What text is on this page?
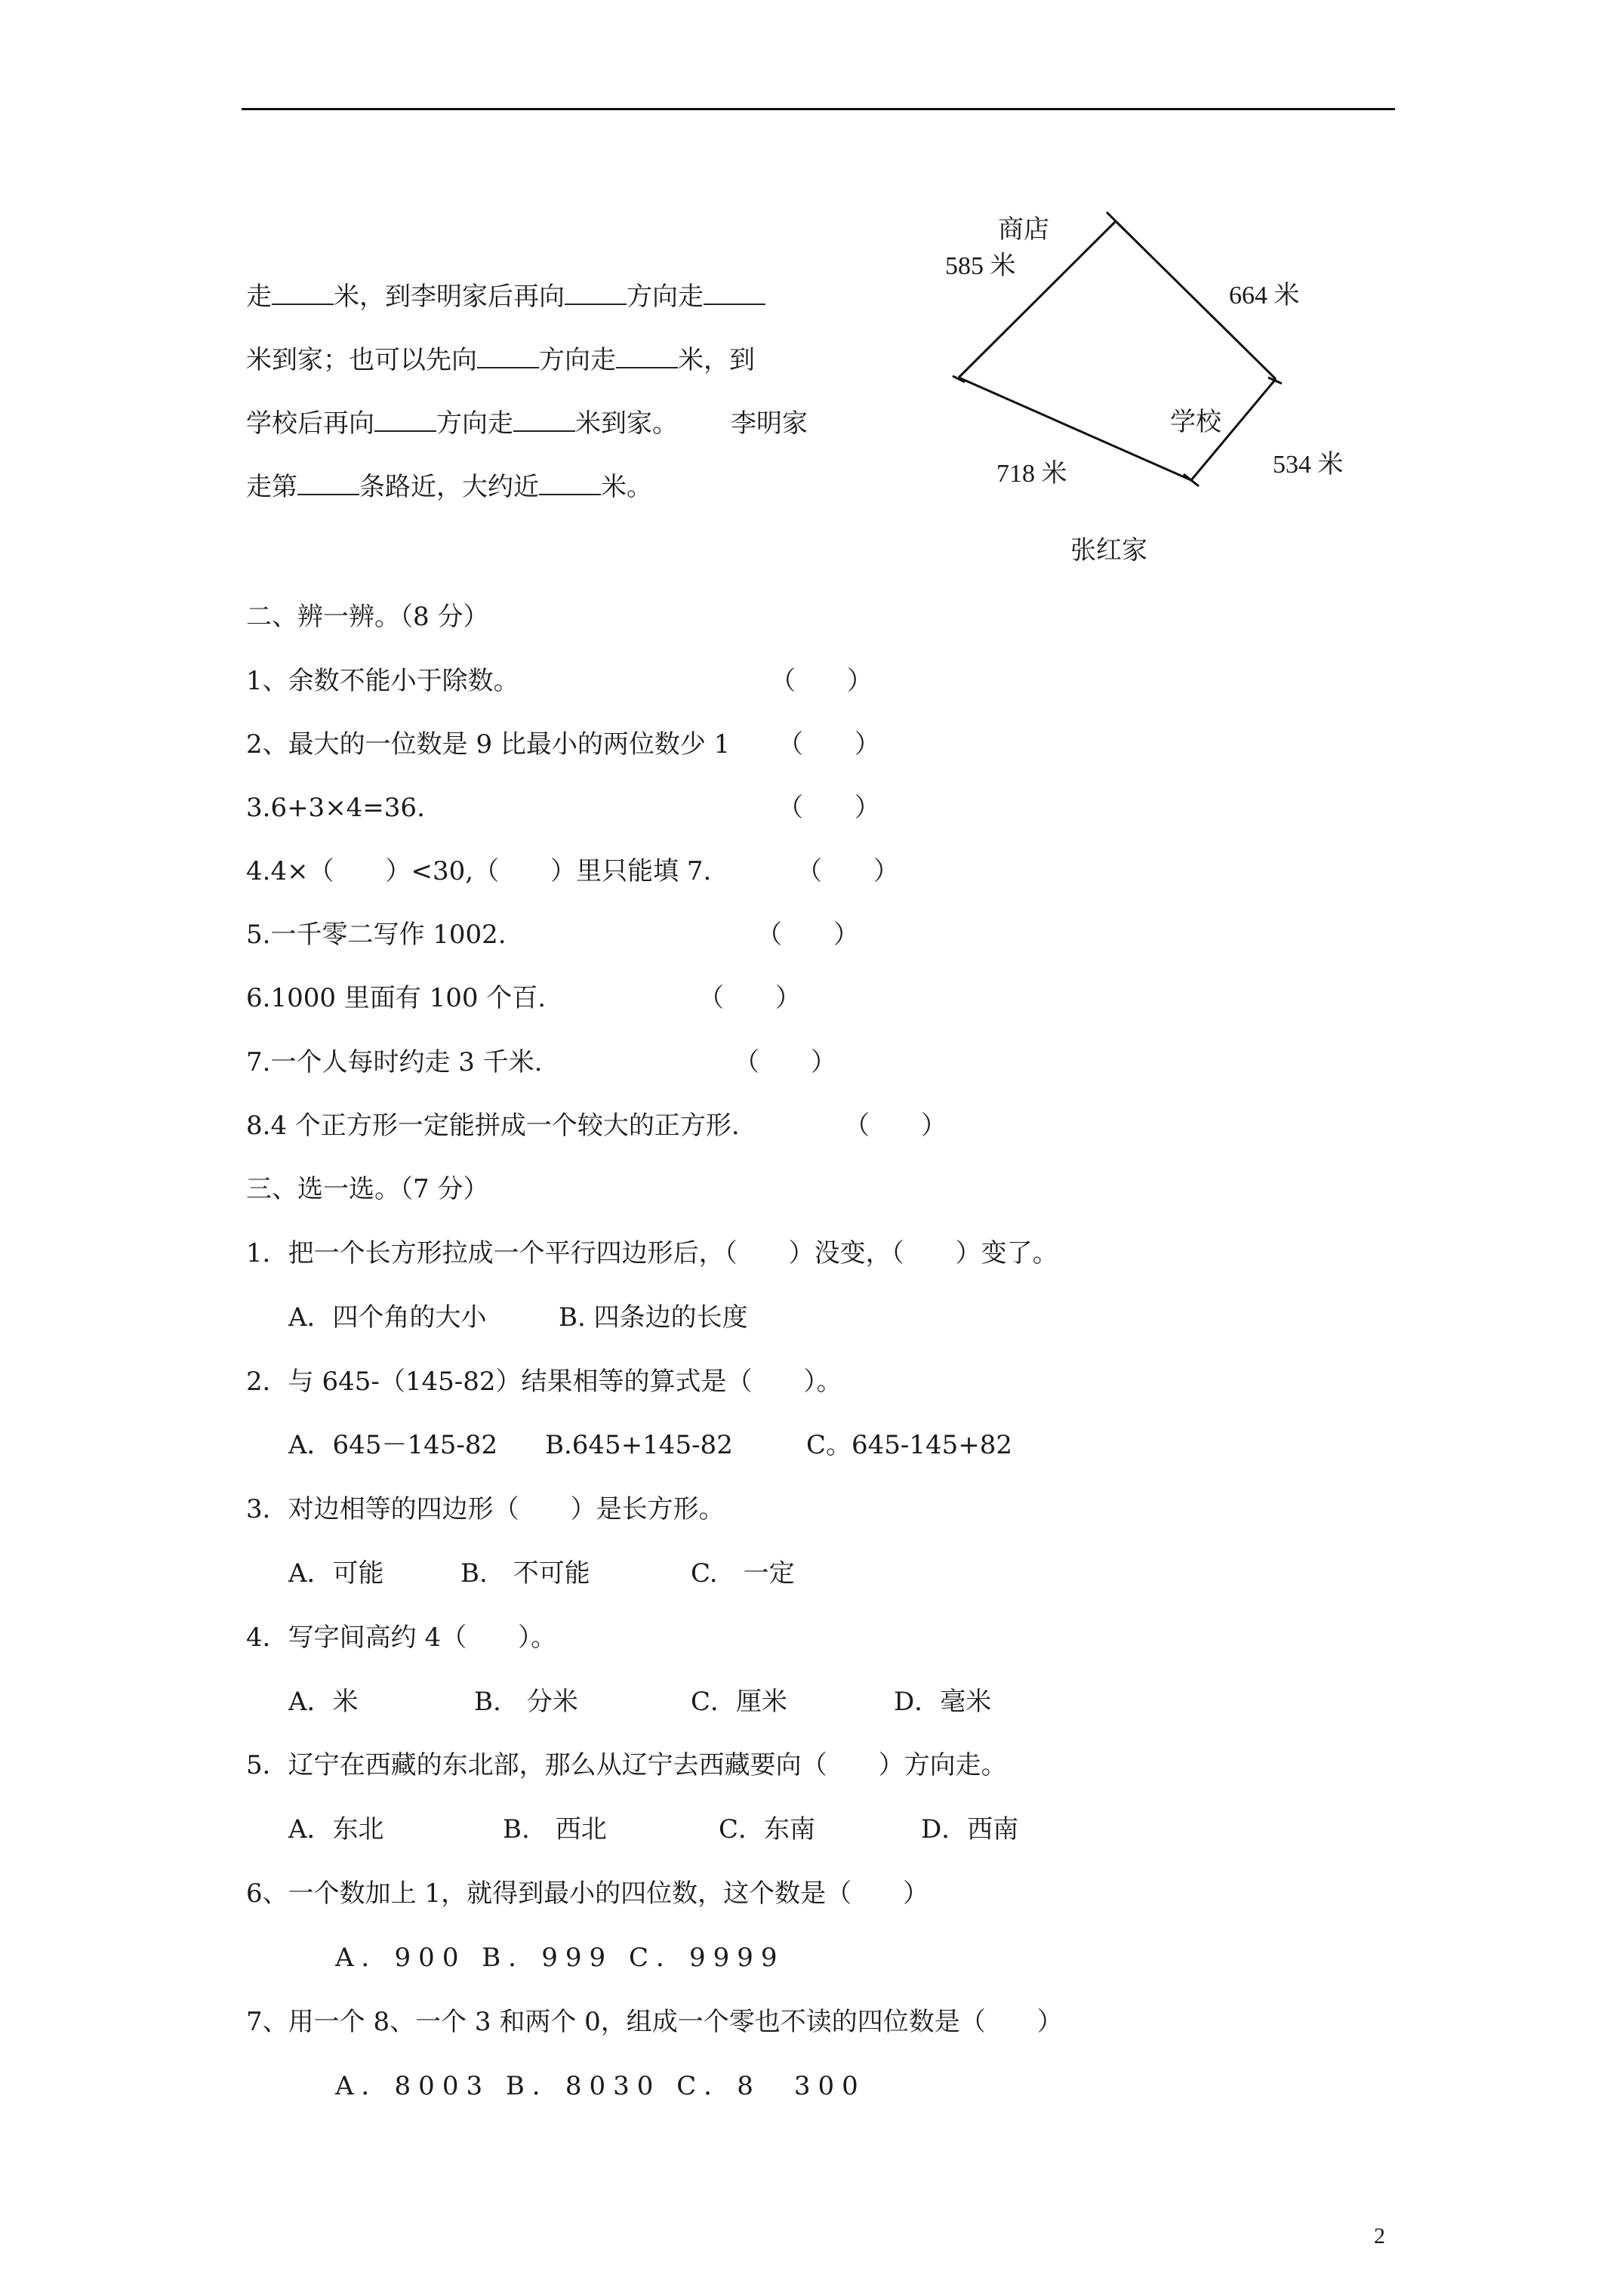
走 米，到李明家后再向 方向走
米到家；也可以先向 方向走 米，到
学校后再向 方向走 米到家。 李明家
走第 条路近，大约近 米。
商店
585 米
664 米
学校
718 米	534 米
张红家
二、辨一辨。（8 分）
1、余数不能小于除数。	（　　）
2、最大的一位数是 9 比最小的两位数少 1 （　　）
3.6+3×4=36.	（　　）
4.4×（　　）<30,（　　）里只能填 7.	（　　）
5.一千零二写作 1002.	（　　）
6.1000 里面有 100 个百.	（　　）
7.一个人每时约走 3 千米.	（　　）
8.4 个正方形一定能拼成一个较大的正方形.	（　　）
三、选一选。（7 分）
1．把一个长方形拉成一个平行四边形后，（　　）没变，（　　）变了。
A．四个角的大小	B. 四条边的长度
2．与 645-（145-82）结果相等的算式是（　　）。
A．645－145-82 B.645+145-82	C。645-145+82
3．对边相等的四边形（　　）是长方形。
A．可能	B.　不可能	C.　一定
4．写字间高约 4（　　）。
A．米	B.　分米	C．厘米	D．毫米
5．辽宁在西藏的东北部，那么从辽宁去西藏要向（　　）方向走。
A．东北	B.　西北	C．东南	D．西南
6、一个数加上 1，就得到最小的四位数，这个数是（　　）
A．900 B．999 C．9999
7、用一个 8、一个 3 和两个 0，组成一个零也不读的四位数是（　　）
A．8003 B．8030 C．8　300
2
